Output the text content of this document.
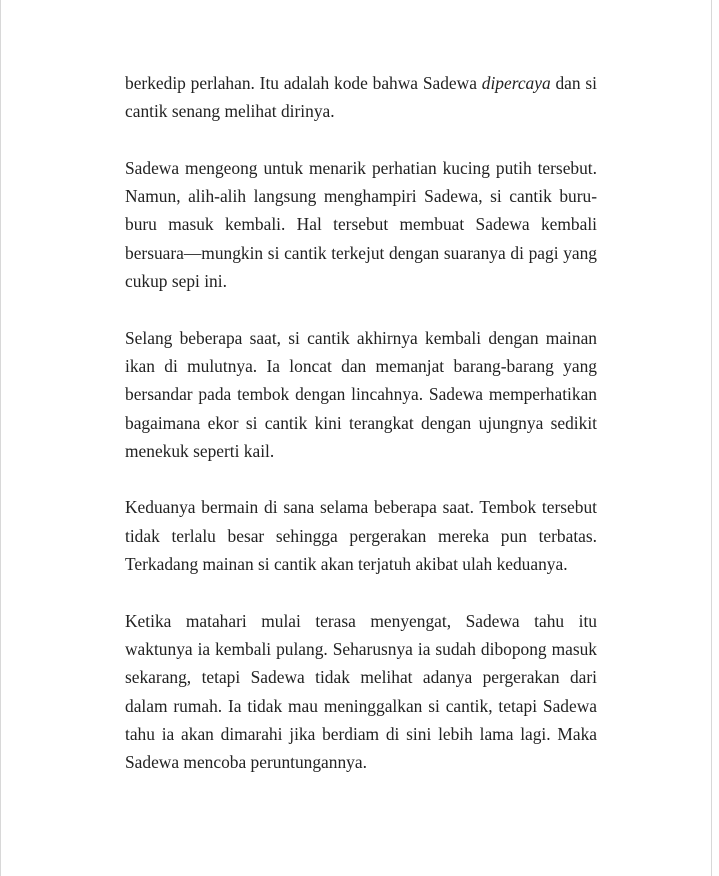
berkedip perlahan. Itu adalah kode bahwa Sadewa dipercaya dan si cantik senang melihat dirinya.

Sadewa mengeong untuk menarik perhatian kucing putih tersebut. Namun, alih-alih langsung menghampiri Sadewa, si cantik buru-buru masuk kembali. Hal tersebut membuat Sadewa kembali bersuara—mungkin si cantik terkejut dengan suaranya di pagi yang cukup sepi ini.

Selang beberapa saat, si cantik akhirnya kembali dengan mainan ikan di mulutnya. Ia loncat dan memanjat barang-barang yang bersandar pada tembok dengan lincahnya. Sadewa memperhatikan bagaimana ekor si cantik kini terangkat dengan ujungnya sedikit menekuk seperti kail.

Keduanya bermain di sana selama beberapa saat. Tembok tersebut tidak terlalu besar sehingga pergerakan mereka pun terbatas. Terkadang mainan si cantik akan terjatuh akibat ulah keduanya.

Ketika matahari mulai terasa menyengat, Sadewa tahu itu waktunya ia kembali pulang. Seharusnya ia sudah dibopong masuk sekarang, tetapi Sadewa tidak melihat adanya pergerakan dari dalam rumah. Ia tidak mau meninggalkan si cantik, tetapi Sadewa tahu ia akan dimarahi jika berdiam di sini lebih lama lagi. Maka Sadewa mencoba peruntungannya.
